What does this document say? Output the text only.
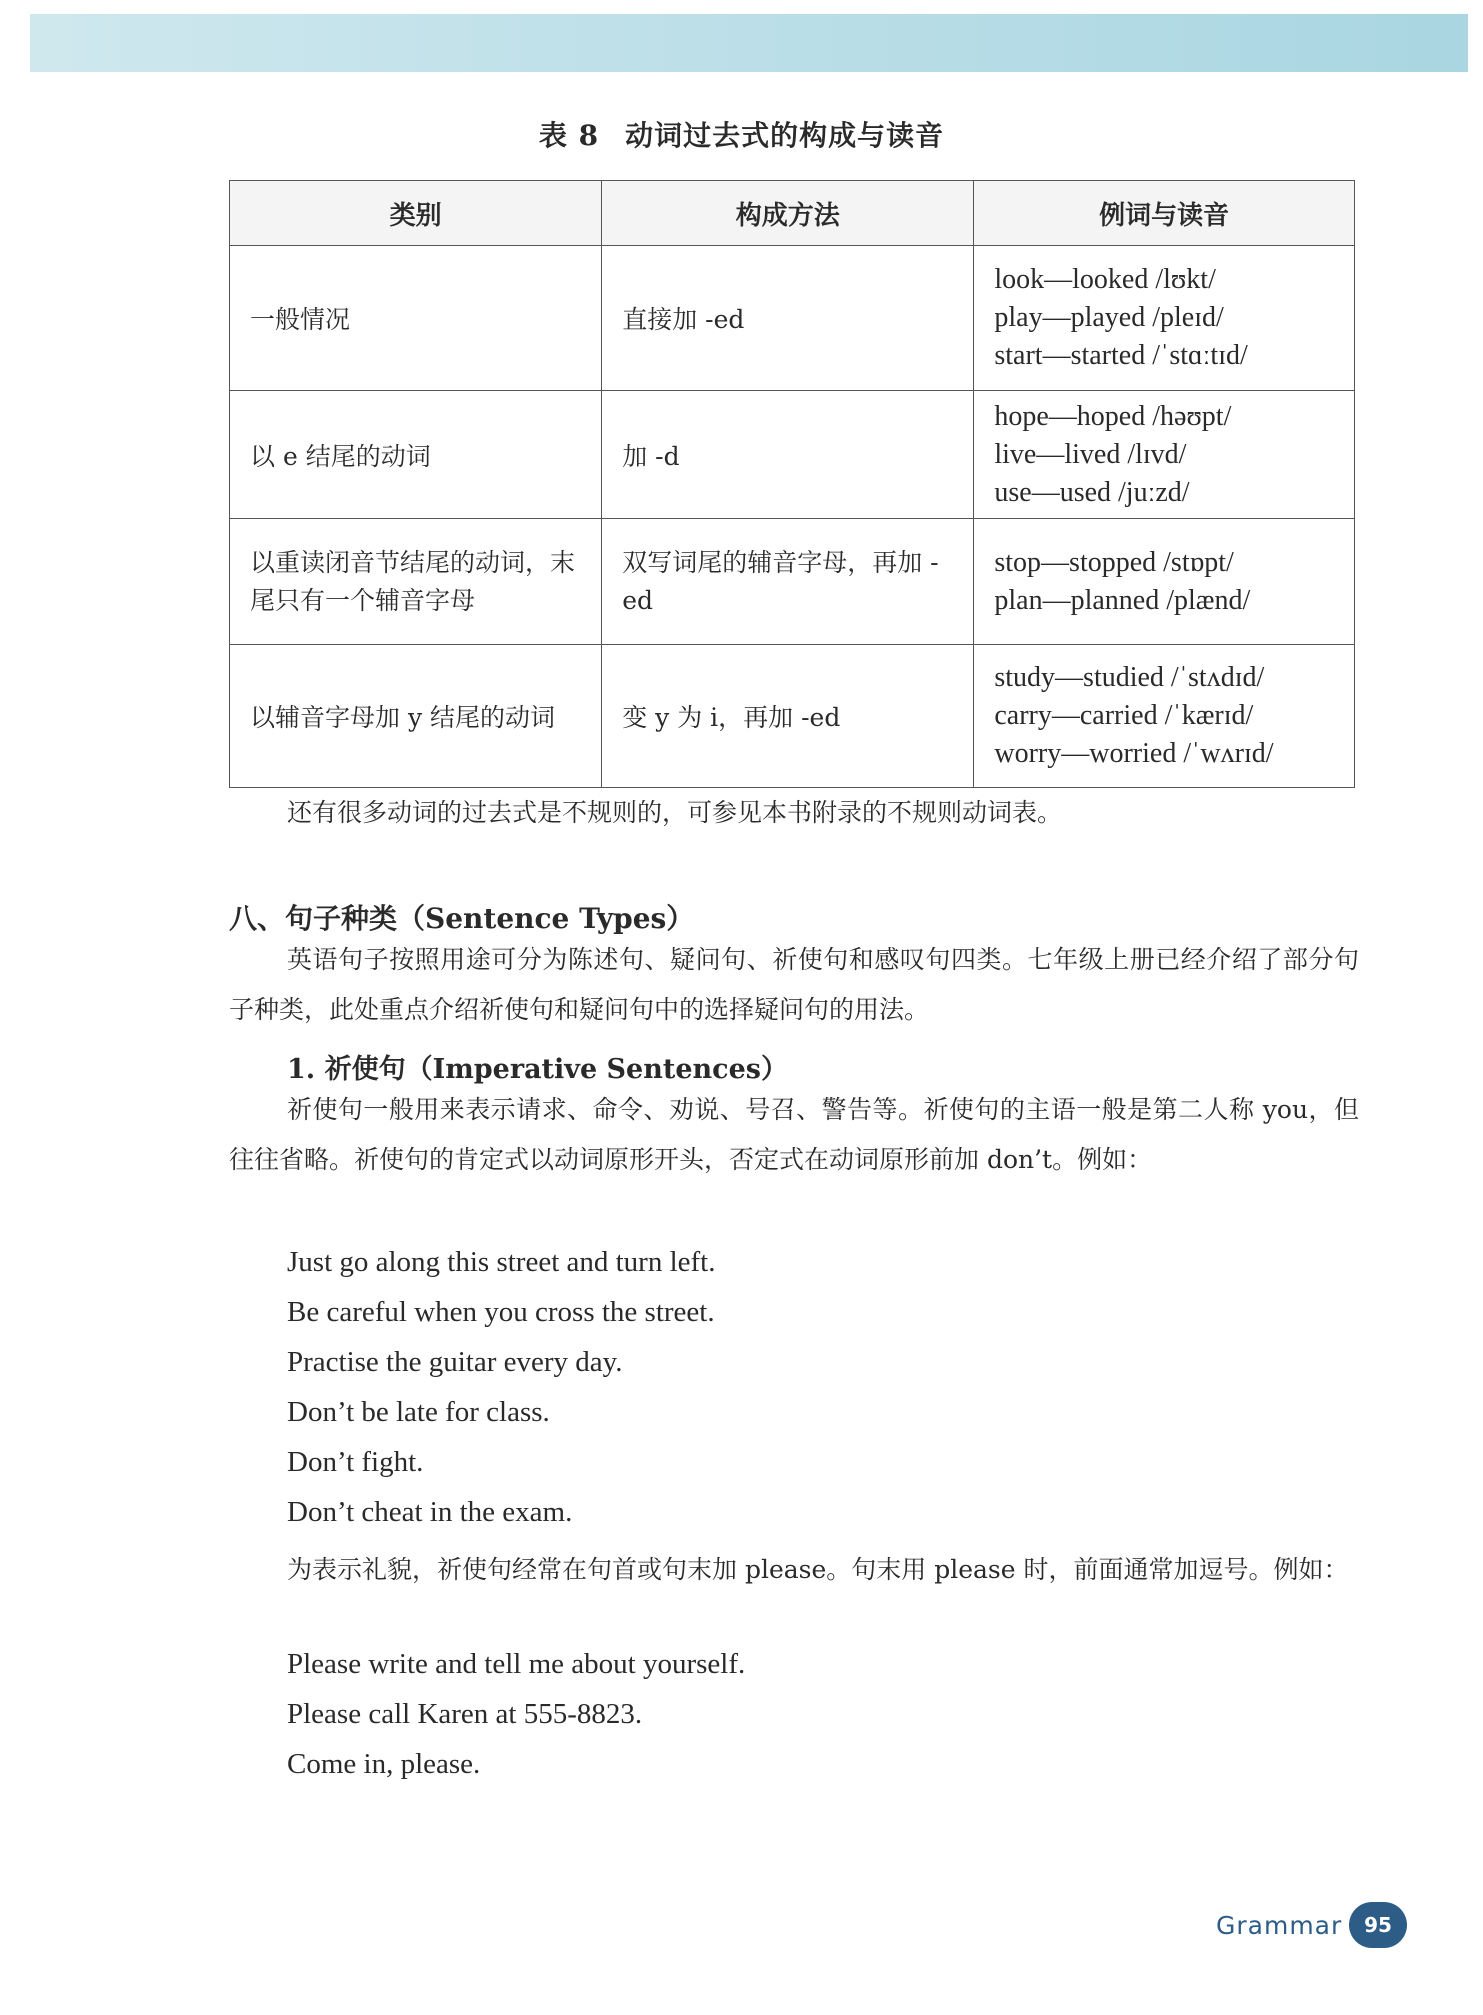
表 8 动词过去式的构成与读音
类别	构成方法	例词与读音
一般情况	直接加 -ed	look—looked /lʊkt/
play—played /pleɪd/
start—started /ˈstɑːtɪd/

以 e 结尾的动词	加 -d	hope—hoped /həʊpt/
live—lived /lɪvd/
use—used /juːzd/

以重读闭音节结尾的动词，末尾只有一个辅音字母	双写词尾的辅音字母，再加 -ed	stop—stopped /stɒpt/
plan—planned /plænd/

以辅音字母加 y 结尾的动词	变 y 为 i，再加 -ed	study—studied /ˈstʌdɪd/
carry—carried /ˈkærɪd/
worry—worried /ˈwʌrɪd/
还有很多动词的过去式是不规则的，可参见本书附录的不规则动词表。
八、句子种类（Sentence Types）
英语句子按照用途可分为陈述句、疑问句、祈使句和感叹句四类。七年级上册已经介绍了部分句子种类，此处重点介绍祈使句和疑问句中的选择疑问句的用法。
1. 祈使句（Imperative Sentences）
祈使句一般用来表示请求、命令、劝说、号召、警告等。祈使句的主语一般是第二人称 you，但往往省略。祈使句的肯定式以动词原形开头，否定式在动词原形前加 don’t。例如：
Just go along this street and turn left.
Be careful when you cross the street.
Practise the guitar every day.
Don’t be late for class.
Don’t fight.
Don’t cheat in the exam.
为表示礼貌，祈使句经常在句首或句末加 please。句末用 please 时，前面通常加逗号。例如：
Please write and tell me about yourself.
Please call Karen at 555-8823.
Come in, please.
Grammar	95
